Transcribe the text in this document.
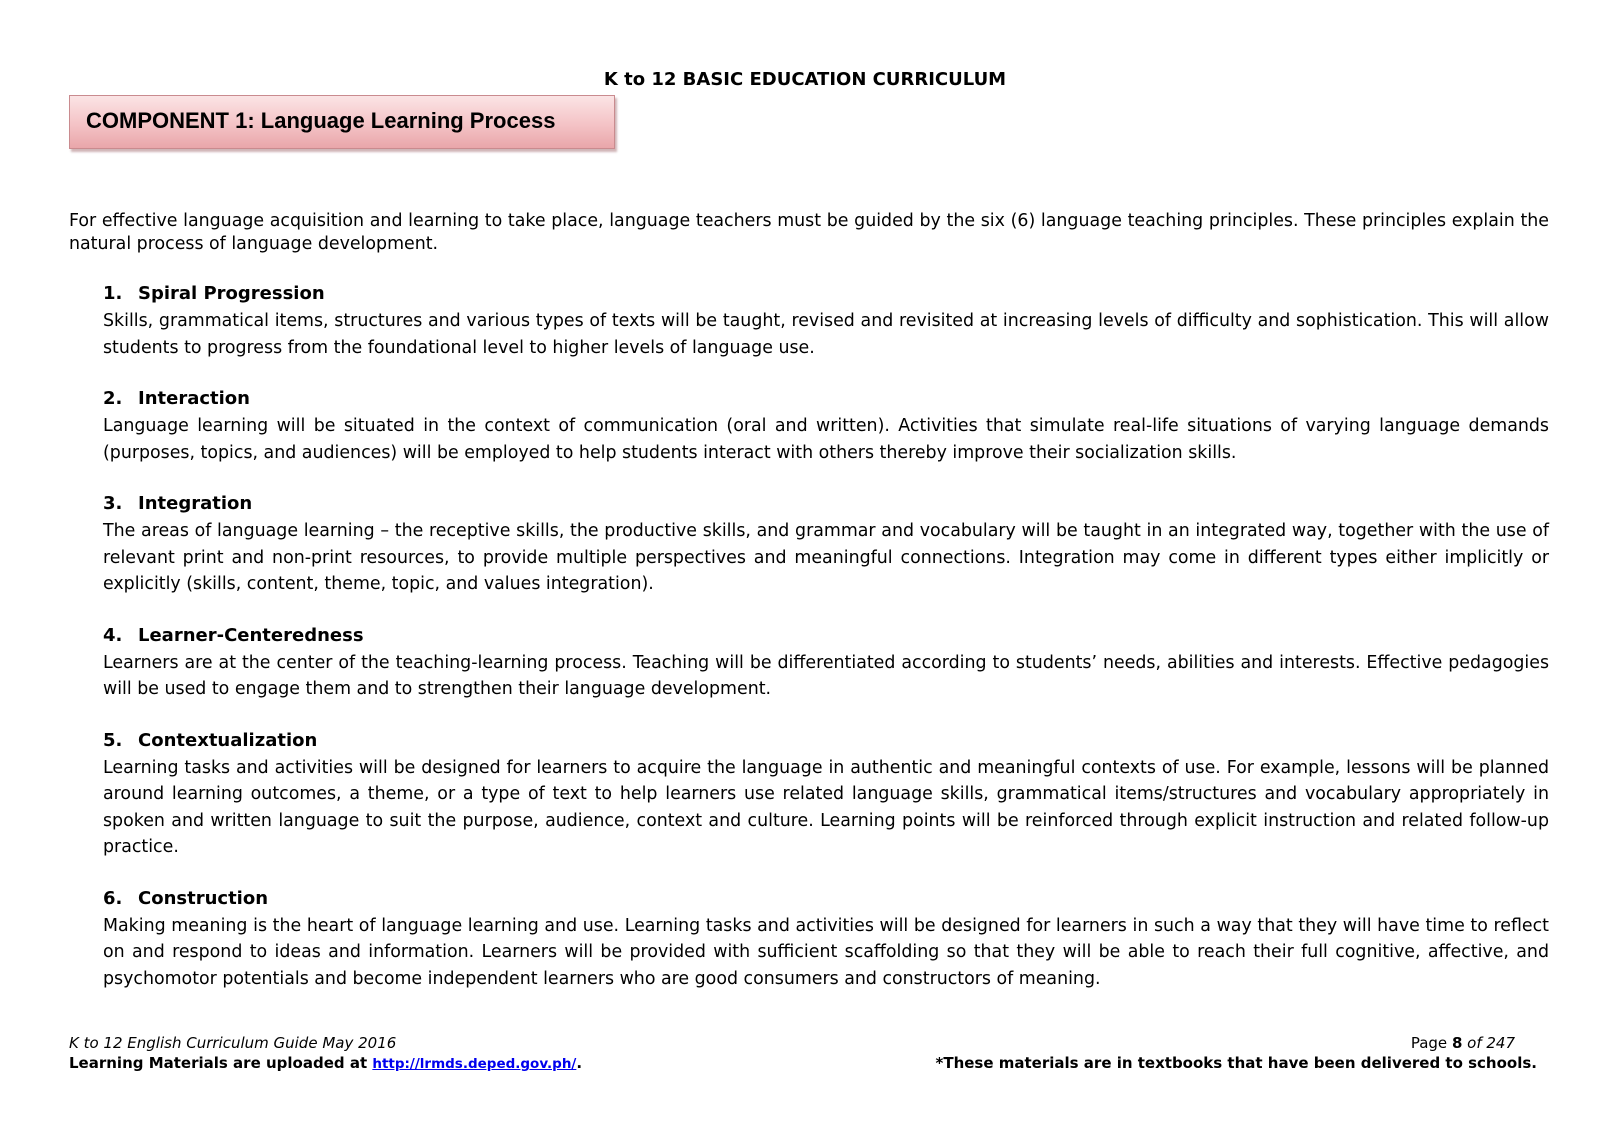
K to 12 BASIC EDUCATION CURRICULUM
COMPONENT 1: Language Learning Process

For effective language acquisition and learning to take place, language teachers must be guided by the six (6) language teaching principles. These principles explain the natural process of language development.

1. Spiral Progression

Skills, grammatical items, structures and various types of texts will be taught, revised and revisited at increasing levels of difficulty and sophistication. This will allow students to progress from the foundational level to higher levels of language use.

2. Interaction

Language learning will be situated in the context of communication (oral and written). Activities that simulate real-life situations of varying language demands (purposes, topics, and audiences) will be employed to help students interact with others thereby improve their socialization skills.

3. Integration

The areas of language learning – the receptive skills, the productive skills, and grammar and vocabulary will be taught in an integrated way, together with the use of relevant print and non-print resources, to provide multiple perspectives and meaningful connections. Integration may come in different types either implicitly or explicitly (skills, content, theme, topic, and values integration).

4. Learner-Centeredness

Learners are at the center of the teaching-learning process. Teaching will be differentiated according to students’ needs, abilities and interests. Effective pedagogies will be used to engage them and to strengthen their language development.

5. Contextualization

Learning tasks and activities will be designed for learners to acquire the language in authentic and meaningful contexts of use. For example, lessons will be planned around learning outcomes, a theme, or a type of text to help learners use related language skills, grammatical items/structures and vocabulary appropriately in spoken and written language to suit the purpose, audience, context and culture. Learning points will be reinforced through explicit instruction and related follow-up practice.

6. Construction

Making meaning is the heart of language learning and use. Learning tasks and activities will be designed for learners in such a way that they will have time to reflect on and respond to ideas and information. Learners will be provided with sufficient scaffolding so that they will be able to reach their full cognitive, affective, and psychomotor potentials and become independent learners who are good consumers and constructors of meaning.

K to 12 English Curriculum Guide May 2016
Learning Materials are uploaded at http://lrmds.deped.gov.ph/.
Page 8 of 247
*These materials are in textbooks that have been delivered to schools.
